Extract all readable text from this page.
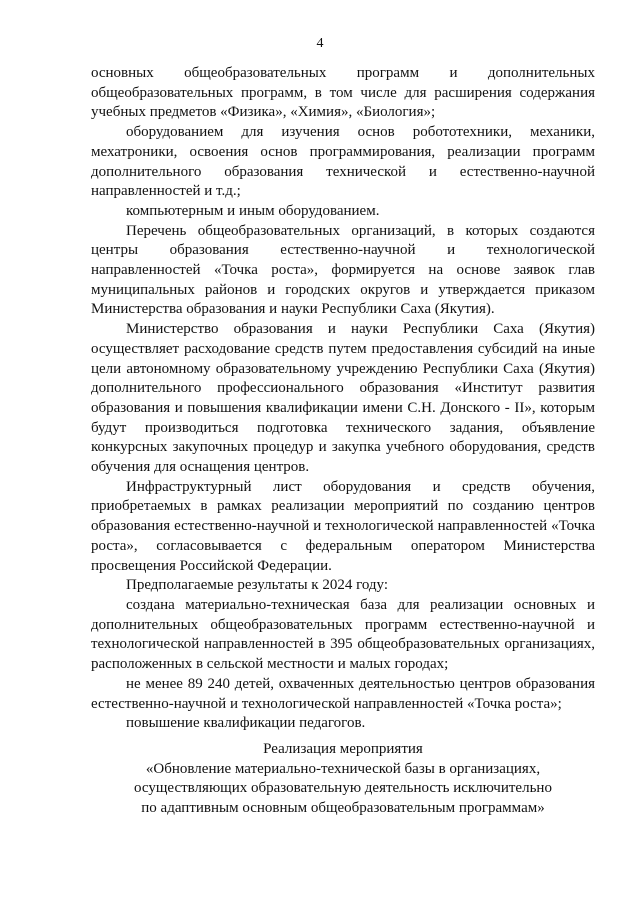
4

основных общеобразовательных программ и дополнительных общеобразовательных программ, в том числе для расширения содержания учебных предметов «Физика», «Химия», «Биология»;

оборудованием для изучения основ робототехники, механики, мехатроники, освоения основ программирования, реализации программ дополнительного образования технической и естественно-научной направленностей и т.д.;

компьютерным и иным оборудованием.

Перечень общеобразовательных организаций, в которых создаются центры образования естественно-научной и технологической направленностей «Точка роста», формируется на основе заявок глав муниципальных районов и городских округов и утверждается приказом Министерства образования и науки Республики Саха (Якутия).

Министерство образования и науки Республики Саха (Якутия) осуществляет расходование средств путем предоставления субсидий на иные цели автономному образовательному учреждению Республики Саха (Якутия) дополнительного профессионального образования «Институт развития образования и повышения квалификации имени С.Н. Донского - II», которым будут производиться подготовка технического задания, объявление конкурсных закупочных процедур и закупка учебного оборудования, средств обучения для оснащения центров.

Инфраструктурный лист оборудования и средств обучения, приобретаемых в рамках реализации мероприятий по созданию центров образования естественно-научной и технологической направленностей «Точка роста», согласовывается с федеральным оператором Министерства просвещения Российской Федерации.

Предполагаемые результаты к 2024 году:

создана материально-техническая база для реализации основных и дополнительных общеобразовательных программ естественно-научной и технологической направленностей в 395 общеобразовательных организациях, расположенных в сельской местности и малых городах;

не менее 89 240 детей, охваченных деятельностью центров образования естественно-научной и технологической направленностей «Точка роста»;

повышение квалификации педагогов.

Реализация мероприятия
«Обновление материально-технической базы в организациях,
осуществляющих образовательную деятельность исключительно
по адаптивным основным общеобразовательным программам»
